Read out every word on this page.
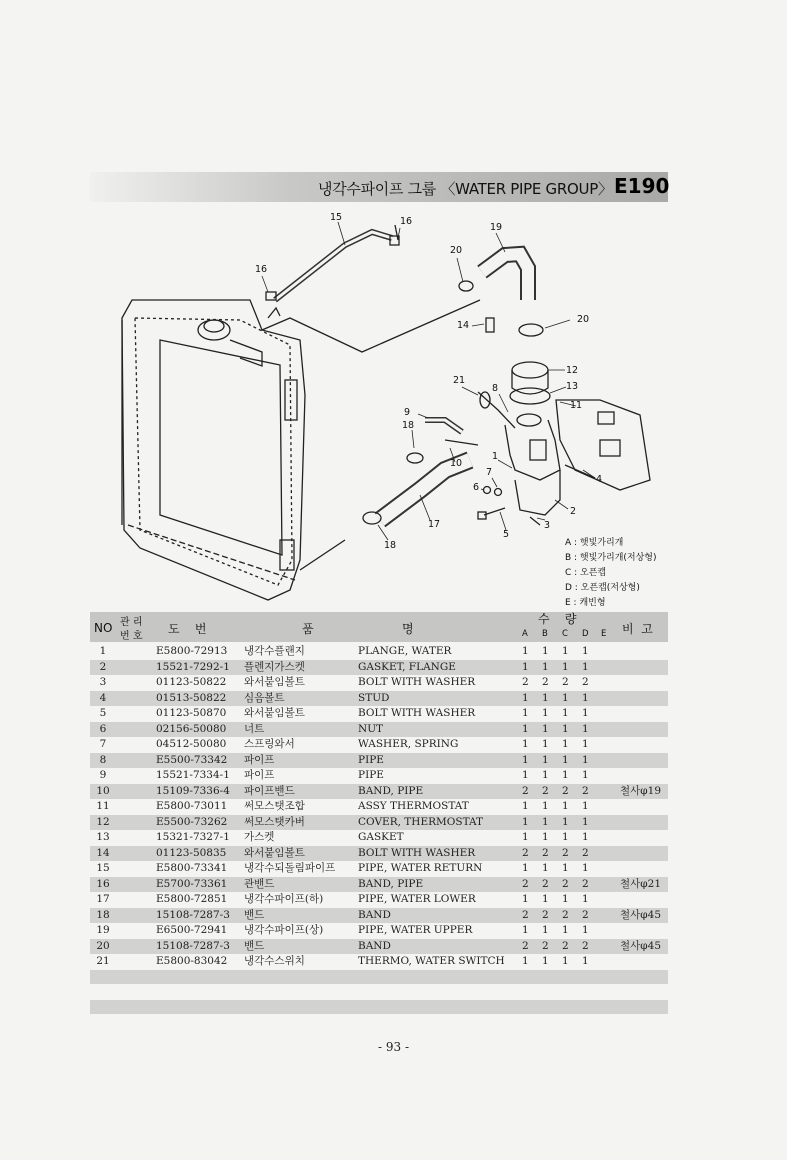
냉각수파이프 그룹 〈WATER PIPE GROUP〉 E190
15	16
16
19
20
20
14
12
13
21
8
11
9
18
10
3
1
7
6
4
2
17
18
5
A : 햇빛가리개
B : 햇빛가리개(저상형)
C : 오픈캡
D : 오픈캡(저상형)
E : 캐빈형
NO 관 리
번 호
도    번	품	명
수    량
A B C D E 비  고
1	E5800-72913 냉각수플랜지	PLANGE, WATER	1 1 1 1
2	15521-7292-1 플렌지가스켓	GASKET, FLANGE	1 1 1 1
3	01123-50822 와서붙임볼트	BOLT WITH WASHER	2 2 2 2
4	01513-50822 심음볼트	STUD	1 1 1 1
5	01123-50870 와서붙임볼트	BOLT WITH WASHER	1 1 1 1
6	02156-50080 너트	NUT	1 1 1 1
7	04512-50080 스프링와서	WASHER, SPRING	1 1 1 1
8	E5500-73342 파이프	PIPE	1 1 1 1
9	15521-7334-1 파이프	PIPE	1 1 1 1
10	15109-7336-4 파이프밴드	BAND, PIPE	2 2 2 2	철사φ19
11	E5800-73011 써모스탯조합	ASSY THERMOSTAT	1 1 1 1
12	E5500-73262 써모스탯카버	COVER, THERMOSTAT	1 1 1 1
13	15321-7327-1 가스켓	GASKET	1 1 1 1
14	01123-50835 와서붙임볼트	BOLT WITH WASHER	2 2 2 2
15	E5800-73341 냉각수되돌림파이프 PIPE, WATER RETURN	1 1 1 1
16	E5700-73361 관밴드	BAND, PIPE	2 2 2 2	철사φ21
17	E5800-72851 냉각수파이프(하)	PIPE, WATER LOWER	1 1 1 1
18	15108-7287-3 밴드	BAND	2 2 2 2	철사φ45
19	E6500-72941 냉각수파이프(상)	PIPE, WATER UPPER	1 1 1 1
20	15108-7287-3 밴드	BAND	2 2 2 2	철사φ45
21	E5800-83042 냉각수스위치	THERMO, WATER SWITCH 1 1 1 1
- 93 -
